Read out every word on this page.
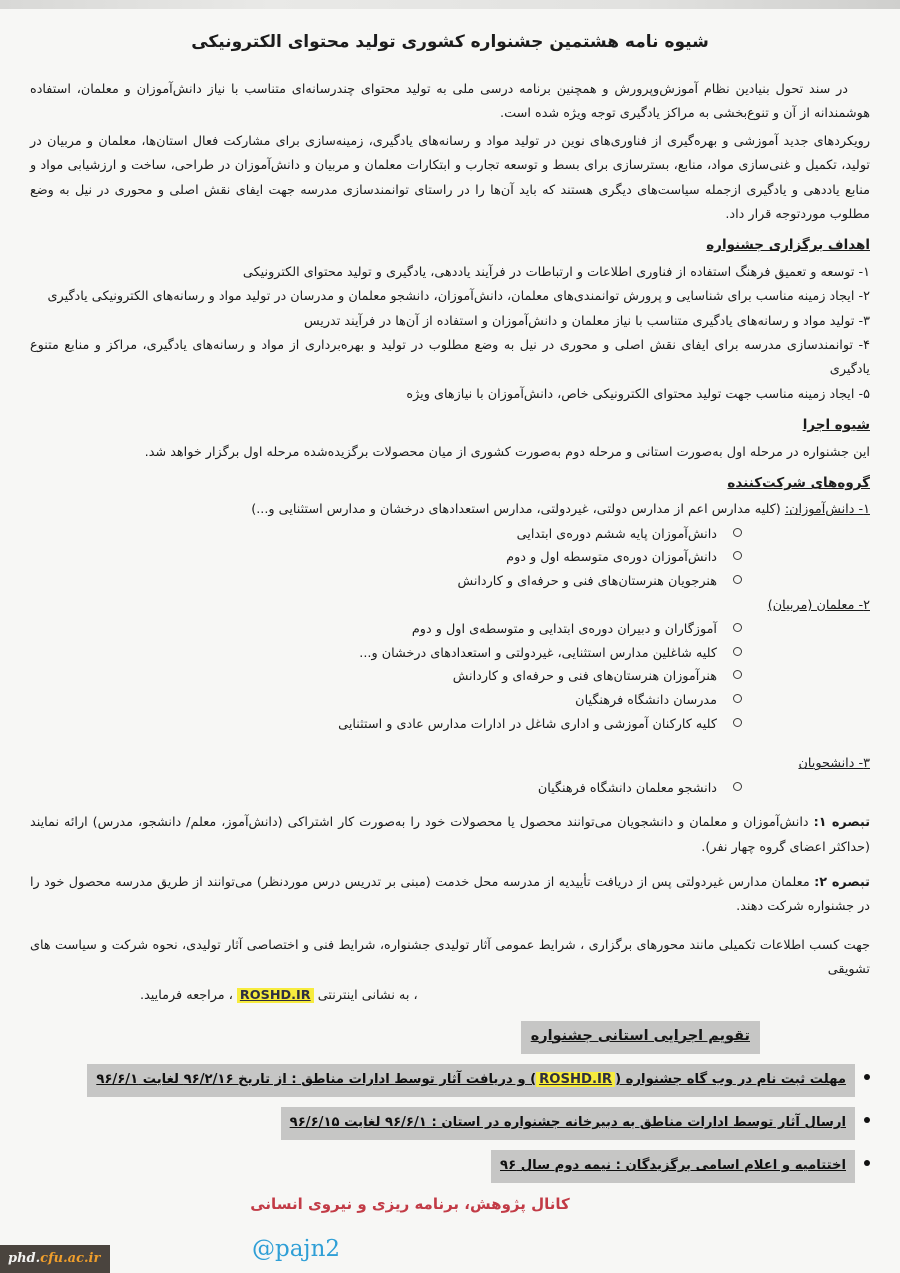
شیوه نامه هشتمین جشنواره کشوری تولید محتوای الکترونیکی

در سند تحول بنیادین نظام آموزش‌وپرورش و همچنین برنامه درسی ملی به تولید محتوای چندرسانه‌ای متناسب با نیاز دانش‌آموزان و معلمان، استفاده هوشمندانه از آن و تنوع‌بخشی به مراکز یادگیری توجه ویژه شده است.

رویکردهای جدید آموزشی و بهره‌گیری از فناوری‌های نوین در تولید مواد و رسانه‌های یادگیری، زمینه‌سازی برای مشارکت فعال استان‌ها، معلمان و مربیان در تولید، تکمیل و غنی‌سازی مواد، منابع، بسترسازی برای بسط و توسعه تجارب و ابتکارات معلمان و مربیان و دانش‌آموزان در طراحی، ساخت و ارزشیابی مواد و منابع یاددهی و یادگیری ازجمله سیاست‌های دیگری هستند که باید آن‌ها را در راستای توانمندسازی مدرسه جهت ایفای نقش اصلی و محوری در نیل به وضع مطلوب موردتوجه قرار داد.

اهداف برگزاری جشنواره

۱- توسعه و تعمیق فرهنگ استفاده از فناوری اطلاعات و ارتباطات در فرآیند یاددهی، یادگیری و تولید محتوای الکترونیکی

۲- ایجاد زمینه مناسب برای شناسایی و پرورش توانمندی‌های معلمان، دانش‌آموزان، دانشجو معلمان و مدرسان در تولید مواد و رسانه‌های الکترونیکی یادگیری

۳- تولید مواد و رسانه‌های یادگیری متناسب با نیاز معلمان و دانش‌آموزان و استفاده از آن‌ها در فرآیند تدریس

۴- توانمندسازی مدرسه برای ایفای نقش اصلی و محوری در نیل به وضع مطلوب در تولید و بهره‌برداری از مواد و رسانه‌های یادگیری، مراکز و منابع متنوع یادگیری

۵- ایجاد زمینه مناسب جهت تولید محتوای الکترونیکی خاص، دانش‌آموزان با نیازهای ویژه

شیوه اجرا

این جشنواره در مرحله اول به‌صورت استانی و مرحله دوم به‌صورت کشوری از میان محصولات برگزیده‌شده مرحله اول برگزار خواهد شد.

گروه‌های شرکت‌کننده

۱- دانش‌آموزان: (کلیه مدارس اعم از مدارس دولتی، غیردولتی، مدارس استعدادهای درخشان و مدارس استثنایی و...)

دانش‌آموزان پایه ششم دوره‌ی ابتدایی
دانش‌آموزان دوره‌ی متوسطه اول و دوم
هنرجویان هنرستان‌های فنی و حرفه‌ای و کاردانش

۲- معلمان (مربیان)

آموزگاران و دبیران دوره‌ی ابتدایی و متوسطه‌ی اول و دوم
کلیه شاغلین مدارس استثنایی، غیردولتی و استعدادهای درخشان و...
هنرآموزان هنرستان‌های فنی و حرفه‌ای و کاردانش
مدرسان دانشگاه فرهنگیان
کلیه کارکنان آموزشی و اداری شاغل در ادارات مدارس عادی و استثنایی

۳- دانشجویان

دانشجو معلمان دانشگاه فرهنگیان

تبصره ۱: دانش‌آموزان و معلمان و دانشجویان می‌توانند محصول یا محصولات خود را به‌صورت کار اشتراکی (دانش‌آموز، معلم/ دانشجو، مدرس) ارائه نمایند (حداکثر اعضای گروه چهار نفر).

تبصره ۲: معلمان مدارس غیردولتی پس از دریافت تأییدیه از مدرسه محل خدمت (مبنی بر تدریس درس موردنظر) می‌توانند از طریق مدرسه محصول خود را در جشنواره شرکت دهند.

جهت کسب اطلاعات تکمیلی مانند محورهای برگزاری ، شرایط عمومی آثار تولیدی جشنواره، شرایط فنی و اختصاصی آثار تولیدی، نحوه شرکت و سیاست های تشویقی

، به نشانی اینترنتی ROSHD.IR ، مراجعه فرمایید.
تقویم اجرایی استانی جشنواره
مهلت ثبت نام در وب گاه جشنواره (ROSHD.IR) و دریافت آثار توسط ادارات مناطق : از تاریخ ۹۶/۲/۱۶ لغایت ۹۶/۶/۱
ارسال آثار توسط ادارات مناطق به دبیرخانه جشنواره در استان : ۹۶/۶/۱ لغایت ۹۶/۶/۱۵
اختتامیه و اعلام اسامی برگزیدگان : نیمه دوم سال ۹۶
کانال پژوهش، برنامه ریزی و نیروی انسانی
@pajn2
phd.cfu.ac.ir
